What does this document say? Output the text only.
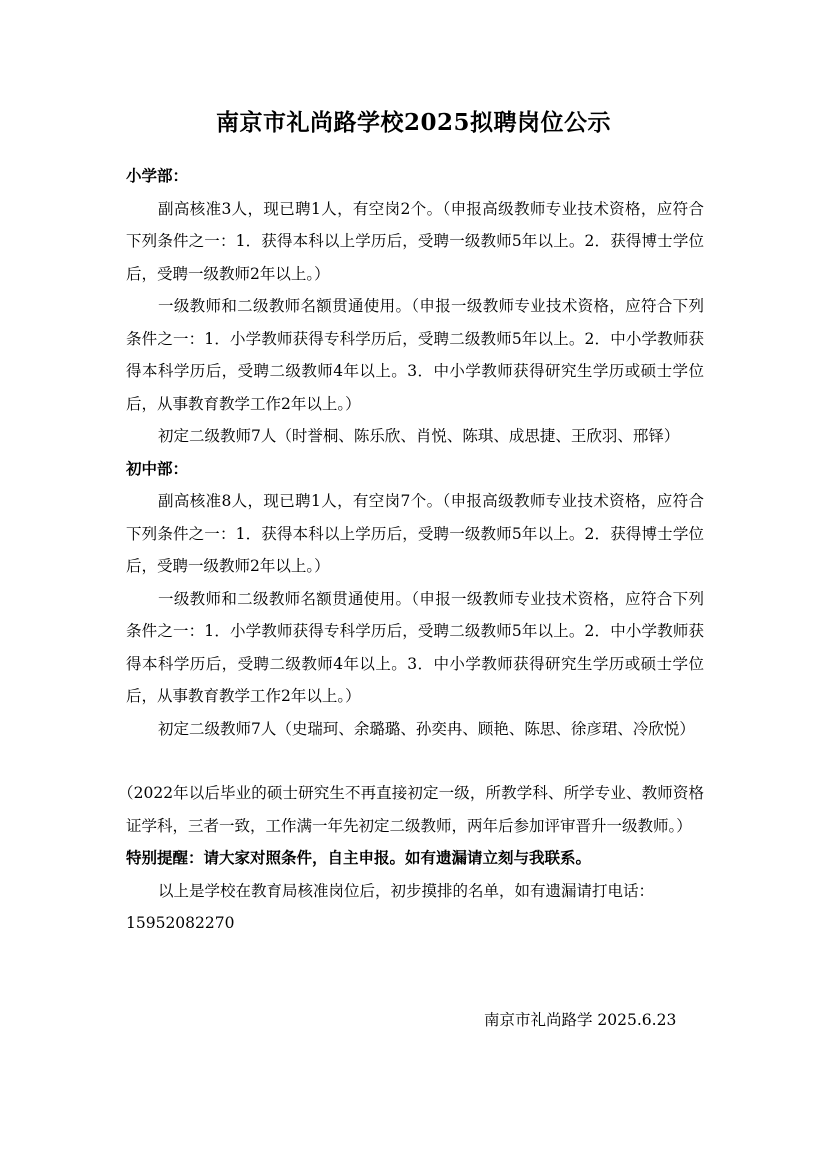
南京市礼尚路学校2025拟聘岗位公示

小学部：

副高核准3人，现已聘1人，有空岗2个。（申报高级教师专业技术资格，应符合下列条件之一：1．获得本科以上学历后，受聘一级教师5年以上。2．获得博士学位后，受聘一级教师2年以上。）

一级教师和二级教师名额贯通使用。（申报一级教师专业技术资格，应符合下列条件之一：1．小学教师获得专科学历后，受聘二级教师5年以上。2．中小学教师获得本科学历后，受聘二级教师4年以上。3．中小学教师获得研究生学历或硕士学位后，从事教育教学工作2年以上。）

初定二级教师7人（时誉桐、陈乐欣、肖悦、陈琪、成思捷、王欣羽、邢铎）

初中部：

副高核准8人，现已聘1人，有空岗7个。（申报高级教师专业技术资格，应符合下列条件之一：1．获得本科以上学历后，受聘一级教师5年以上。2．获得博士学位后，受聘一级教师2年以上。）

一级教师和二级教师名额贯通使用。（申报一级教师专业技术资格，应符合下列条件之一：1．小学教师获得专科学历后，受聘二级教师5年以上。2．中小学教师获得本科学历后，受聘二级教师4年以上。3．中小学教师获得研究生学历或硕士学位后，从事教育教学工作2年以上。）

初定二级教师7人（史瑞珂、余璐璐、孙奕冉、顾艳、陈思、徐彦珺、冷欣悦）

（2022年以后毕业的硕士研究生不再直接初定一级，所教学科、所学专业、教师资格证学科，三者一致，工作满一年先初定二级教师，两年后参加评审晋升一级教师。）

特别提醒：请大家对照条件，自主申报。如有遗漏请立刻与我联系。

以上是学校在教育局核准岗位后，初步摸排的名单，如有遗漏请打电话：

15952082270

南京市礼尚路学 2025.6.23
